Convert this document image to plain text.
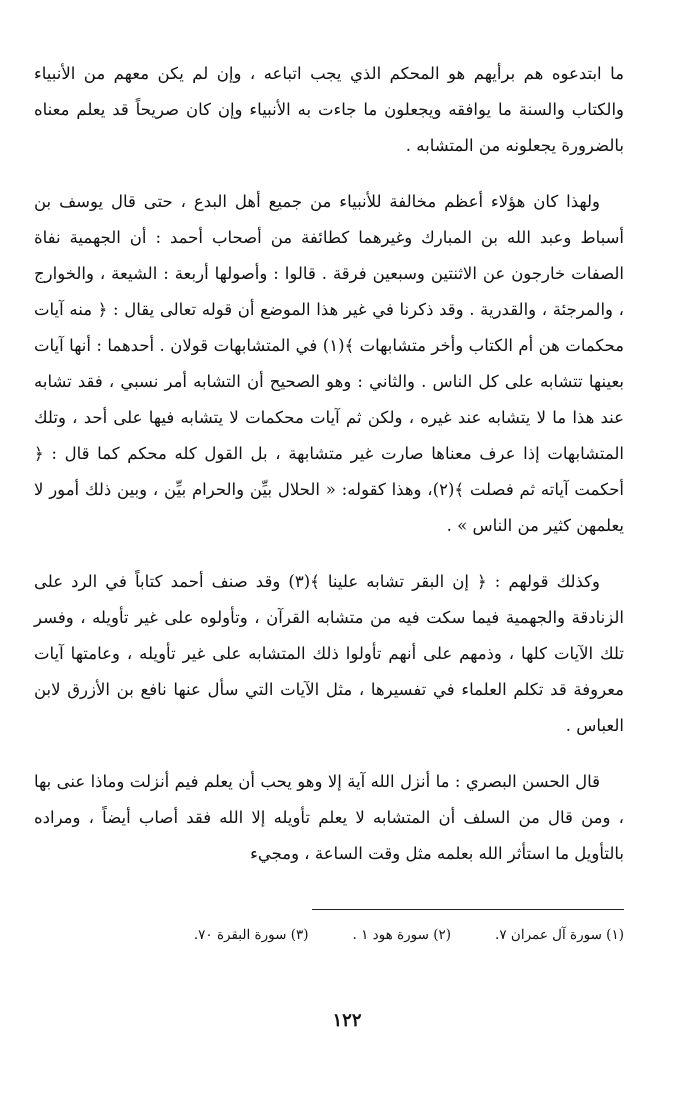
ما ابتدعوه هم برأيهم هو المحكم الذي يجب اتباعه ، وإن لم يكن معهم من الأنبياء والكتاب والسنة ما يوافقه ويجعلون ما جاءت به الأنبياء وإن كان صريحاً قد يعلم معناه بالضرورة يجعلونه من المتشابه .

ولهذا كان هؤلاء أعظم مخالفة للأنبياء من جميع أهل البدع ، حتى قال يوسف بن أسباط وعبد الله بن المبارك وغيرهما كطائفة من أصحاب أحمد : أن الجهمية نفاة الصفات خارجون عن الاثنتين وسبعين فرقة . قالوا : وأصولها أربعة : الشيعة ، والخوارج ، والمرجئة ، والقدرية . وقد ذكرنا في غير هذا الموضع أن قوله تعالى يقال : ﴿ منه آيات محكمات هن أم الكتاب وأخر متشابهات ﴾(١) في المتشابهات قولان . أحدهما : أنها آيات بعينها تتشابه على كل الناس . والثاني : وهو الصحيح أن التشابه أمر نسبي ، فقد تشابه عند هذا ما لا يتشابه عند غيره ، ولكن ثم آيات محكمات لا يتشابه فيها على أحد ، وتلك المتشابهات إذا عرف معناها صارت غير متشابهة ، بل القول كله محكم كما قال : ﴿ أحكمت آياته ثم فصلت ﴾(٢)، وهذا كقوله: « الحلال بيِّن والحرام بيِّن ، وبين ذلك أمور لا يعلمهن كثير من الناس » .

وكذلك قولهم : ﴿ إن البقر تشابه علينا ﴾(٣) وقد صنف أحمد كتاباً في الرد على الزنادقة والجهمية فيما سكت فيه من متشابه القرآن ، وتأولوه على غير تأويله ، وفسر تلك الآيات كلها ، وذمهم على أنهم تأولوا ذلك المتشابه على غير تأويله ، وعامتها آيات معروفة قد تكلم العلماء في تفسيرها ، مثل الآيات التي سأل عنها نافع بن الأزرق لابن العباس .

قال الحسن البصري : ما أنزل الله آية إلا وهو يحب أن يعلم فيم أنزلت وماذا عنى بها ، ومن قال من السلف أن المتشابه لا يعلم تأويله إلا الله فقد أصاب أيضاً ، ومراده بالتأويل ما استأثر الله بعلمه مثل وقت الساعة ، ومجيء

(١) سورة آل عمران ٧.
(٢) سورة هود ١ .
(٣) سورة البقرة ٧٠.
١٢٢
